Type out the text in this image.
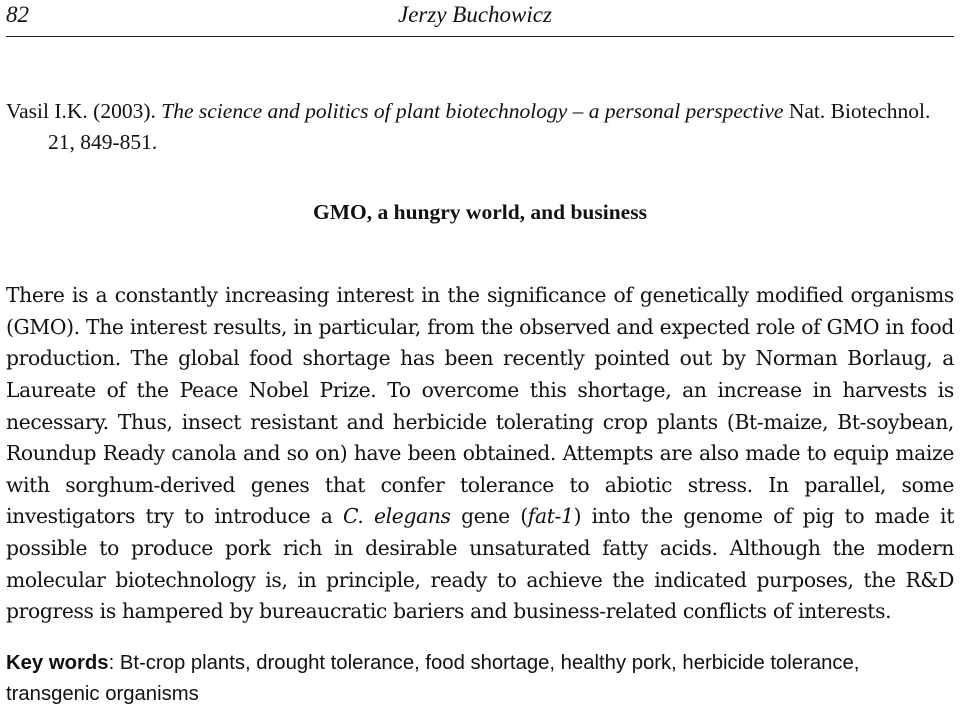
82	Jerzy Buchowicz

Vasil I.K. (2003). The science and politics of plant biotechnology – a personal perspective Nat. Biotechnol. 21, 849-851.

GMO, a hungry world, and business

There is a constantly increasing interest in the significance of genetically modified organisms (GMO). The interest results, in particular, from the observed and expected role of GMO in food production. The global food shortage has been recently pointed out by Norman Borlaug, a Laureate of the Peace Nobel Prize. To overcome this shortage, an increase in harvests is necessary. Thus, insect resistant and herbicide tolerating crop plants (Bt-maize, Bt-soybean, Roundup Ready canola and so on) have been obtained. Attempts are also made to equip maize with sorghum-derived genes that confer tolerance to abiotic stress. In parallel, some investigators try to introduce a C. elegans gene (fat-1) into the genome of pig to made it possible to produce pork rich in desirable unsaturated fatty acids. Although the modern molecular biotechnology is, in principle, ready to achieve the indicated purposes, the R&D progress is hampered by bureaucratic bariers and business-related conflicts of interests.

Key words: Bt-crop plants, drought tolerance, food shortage, healthy pork, herbicide tolerance, transgenic organisms
